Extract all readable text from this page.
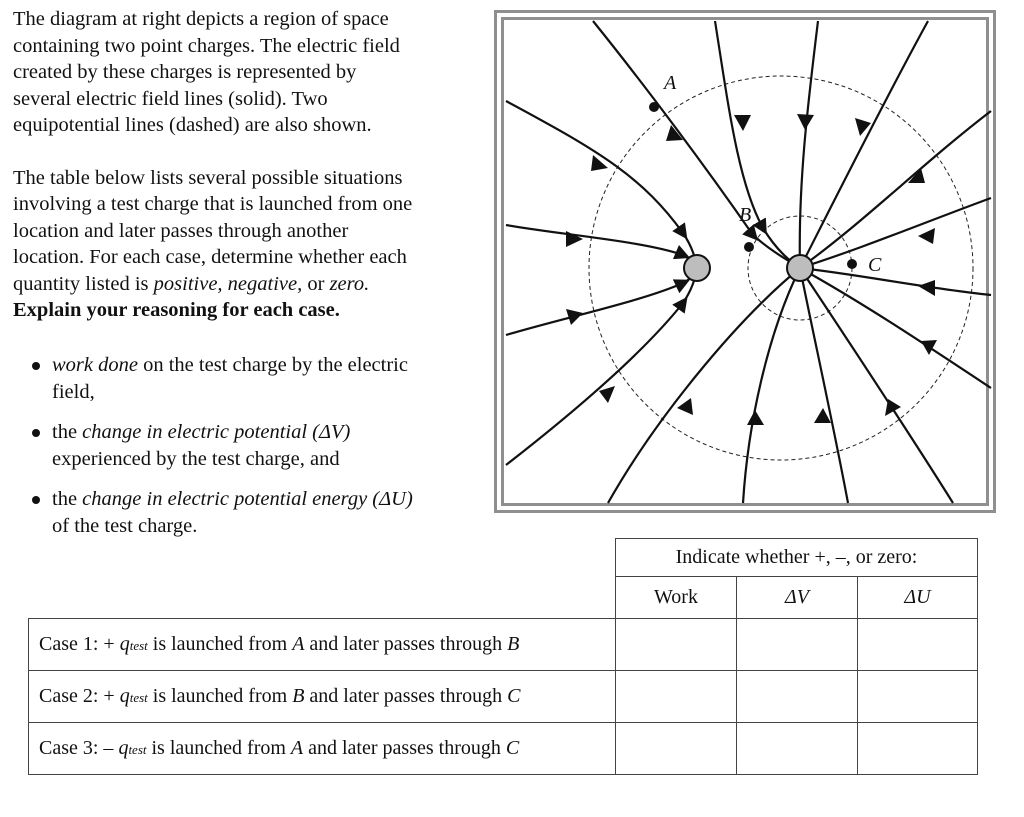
The diagram at right depicts a region of space
containing two point charges. The electric field
created by these charges is represented by
several electric field lines (solid). Two
equipotential lines (dashed) are also shown.

The table below lists several possible situations
involving a test charge that is launched from one
location and later passes through another
location. For each case, determine whether each
quantity listed is positive, negative, or zero.
Explain your reasoning for each case.

work done on the test charge by the electric
field,
the change in electric potential (ΔV)
experienced by the test charge, and
the change in electric potential energy (ΔU)
of the test charge.
A
B
C
	Indicate whether +, –, or zero:		
	Work	ΔV	ΔU
Case 1: + qtest is launched from A and later passes through B			
Case 2: + qtest is launched from B and later passes through C			
Case 3: – qtest is launched from A and later passes through C			
